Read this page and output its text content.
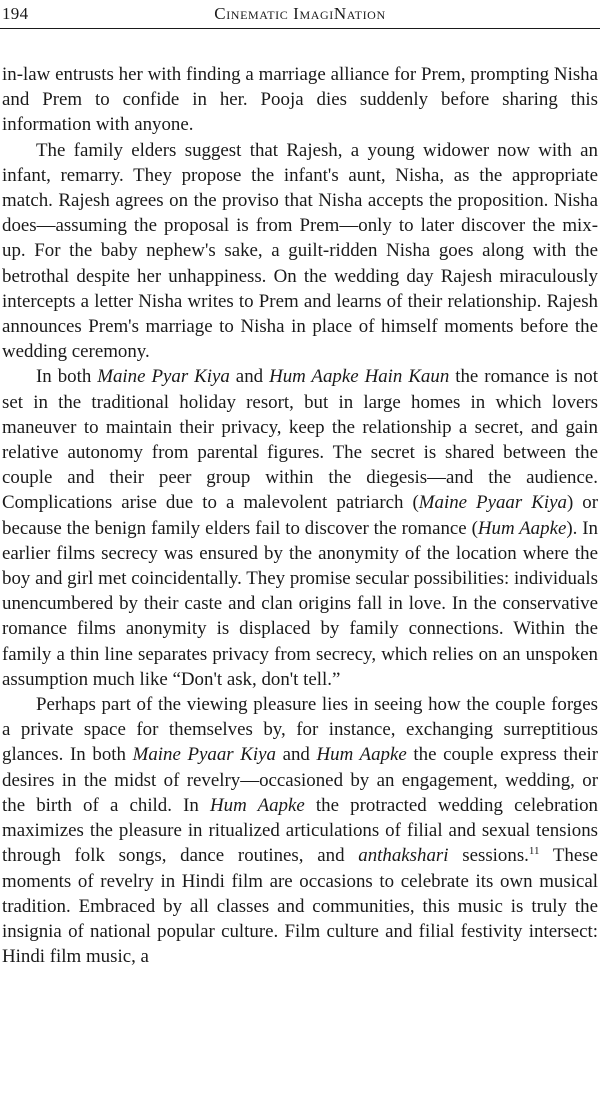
194	Cinematic ImagiNation

in-law entrusts her with finding a marriage alliance for Prem, prompting Nisha and Prem to confide in her. Pooja dies suddenly before sharing this information with anyone.

The family elders suggest that Rajesh, a young widower now with an infant, remarry. They propose the infant's aunt, Nisha, as the appropriate match. Rajesh agrees on the proviso that Nisha accepts the proposition. Nisha does—assuming the proposal is from Prem—only to later discover the mix-up. For the baby nephew's sake, a guilt-ridden Nisha goes along with the betrothal despite her unhappiness. On the wedding day Rajesh miraculously intercepts a letter Nisha writes to Prem and learns of their relationship. Rajesh announces Prem's marriage to Nisha in place of himself moments before the wedding ceremony.

In both Maine Pyar Kiya and Hum Aapke Hain Kaun the romance is not set in the traditional holiday resort, but in large homes in which lovers maneuver to maintain their privacy, keep the relationship a secret, and gain relative autonomy from parental figures. The secret is shared between the couple and their peer group within the diegesis—and the audience. Complications arise due to a malevolent patriarch (Maine Pyaar Kiya) or because the benign family elders fail to discover the romance (Hum Aapke). In earlier films secrecy was ensured by the anonymity of the location where the boy and girl met coincidentally. They promise secular possibilities: individuals unencumbered by their caste and clan origins fall in love. In the conservative romance films anonymity is displaced by family connections. Within the family a thin line separates privacy from secrecy, which relies on an unspoken assumption much like “Don't ask, don't tell.”

Perhaps part of the viewing pleasure lies in seeing how the couple forges a private space for themselves by, for instance, exchanging surreptitious glances. In both Maine Pyaar Kiya and Hum Aapke the couple express their desires in the midst of revelry—occasioned by an engagement, wedding, or the birth of a child. In Hum Aapke the protracted wedding celebration maximizes the pleasure in ritualized articulations of filial and sexual tensions through folk songs, dance routines, and anthakshari sessions.$^{11}$ These moments of revelry in Hindi film are occasions to celebrate its own musical tradition. Embraced by all classes and communities, this music is truly the insignia of national popular culture. Film culture and filial festivity intersect: Hindi film music, a
